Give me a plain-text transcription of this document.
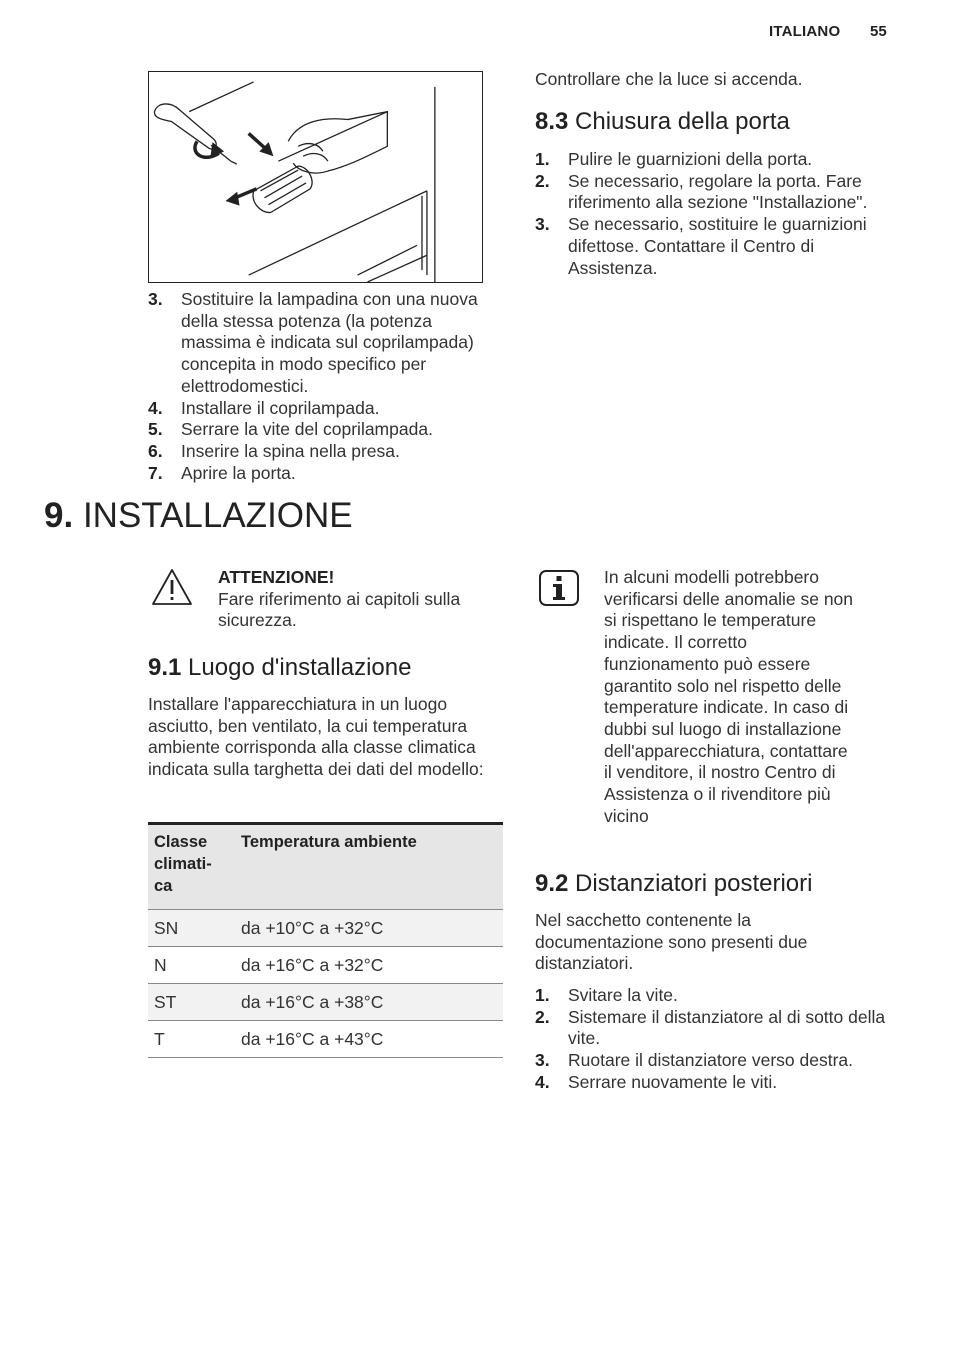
ITALIANO 55
3. Sostituire la lampadina con una nuova della stessa potenza (la potenza massima è indicata sul coprilampada) concepita in modo specifico per elettrodomestici.
4. Installare il coprilampada.
5. Serrare la vite del coprilampada.
6. Inserire la spina nella presa.
7. Aprire la porta.
Controllare che la luce si accenda.
8.3 Chiusura della porta
1. Pulire le guarnizioni della porta.
2. Se necessario, regolare la porta. Fare riferimento alla sezione "Installazione".
3. Se necessario, sostituire le guarnizioni difettose. Contattare il Centro di Assistenza.
9. INSTALLAZIONE
ATTENZIONE!
Fare riferimento ai capitoli sulla sicurezza.
9.1 Luogo d'installazione
Installare l'apparecchiatura in un luogo asciutto, ben ventilato, la cui temperatura ambiente corrisponda alla classe climatica indicata sulla targhetta dei dati del modello:
Classe climati- ca	Temperatura ambiente
SN	da +10°C a +32°C
N	da +16°C a +32°C
ST	da +16°C a +38°C
T	da +16°C a +43°C
In alcuni modelli potrebbero verificarsi delle anomalie se non si rispettano le temperature indicate. Il corretto funzionamento può essere garantito solo nel rispetto delle temperature indicate. In caso di dubbi sul luogo di installazione dell'apparecchiatura, contattare il venditore, il nostro Centro di Assistenza o il rivenditore più vicino
9.2 Distanziatori posteriori
Nel sacchetto contenente la documentazione sono presenti due distanziatori.
1. Svitare la vite.
2. Sistemare il distanziatore al di sotto della vite.
3. Ruotare il distanziatore verso destra.
4. Serrare nuovamente le viti.
